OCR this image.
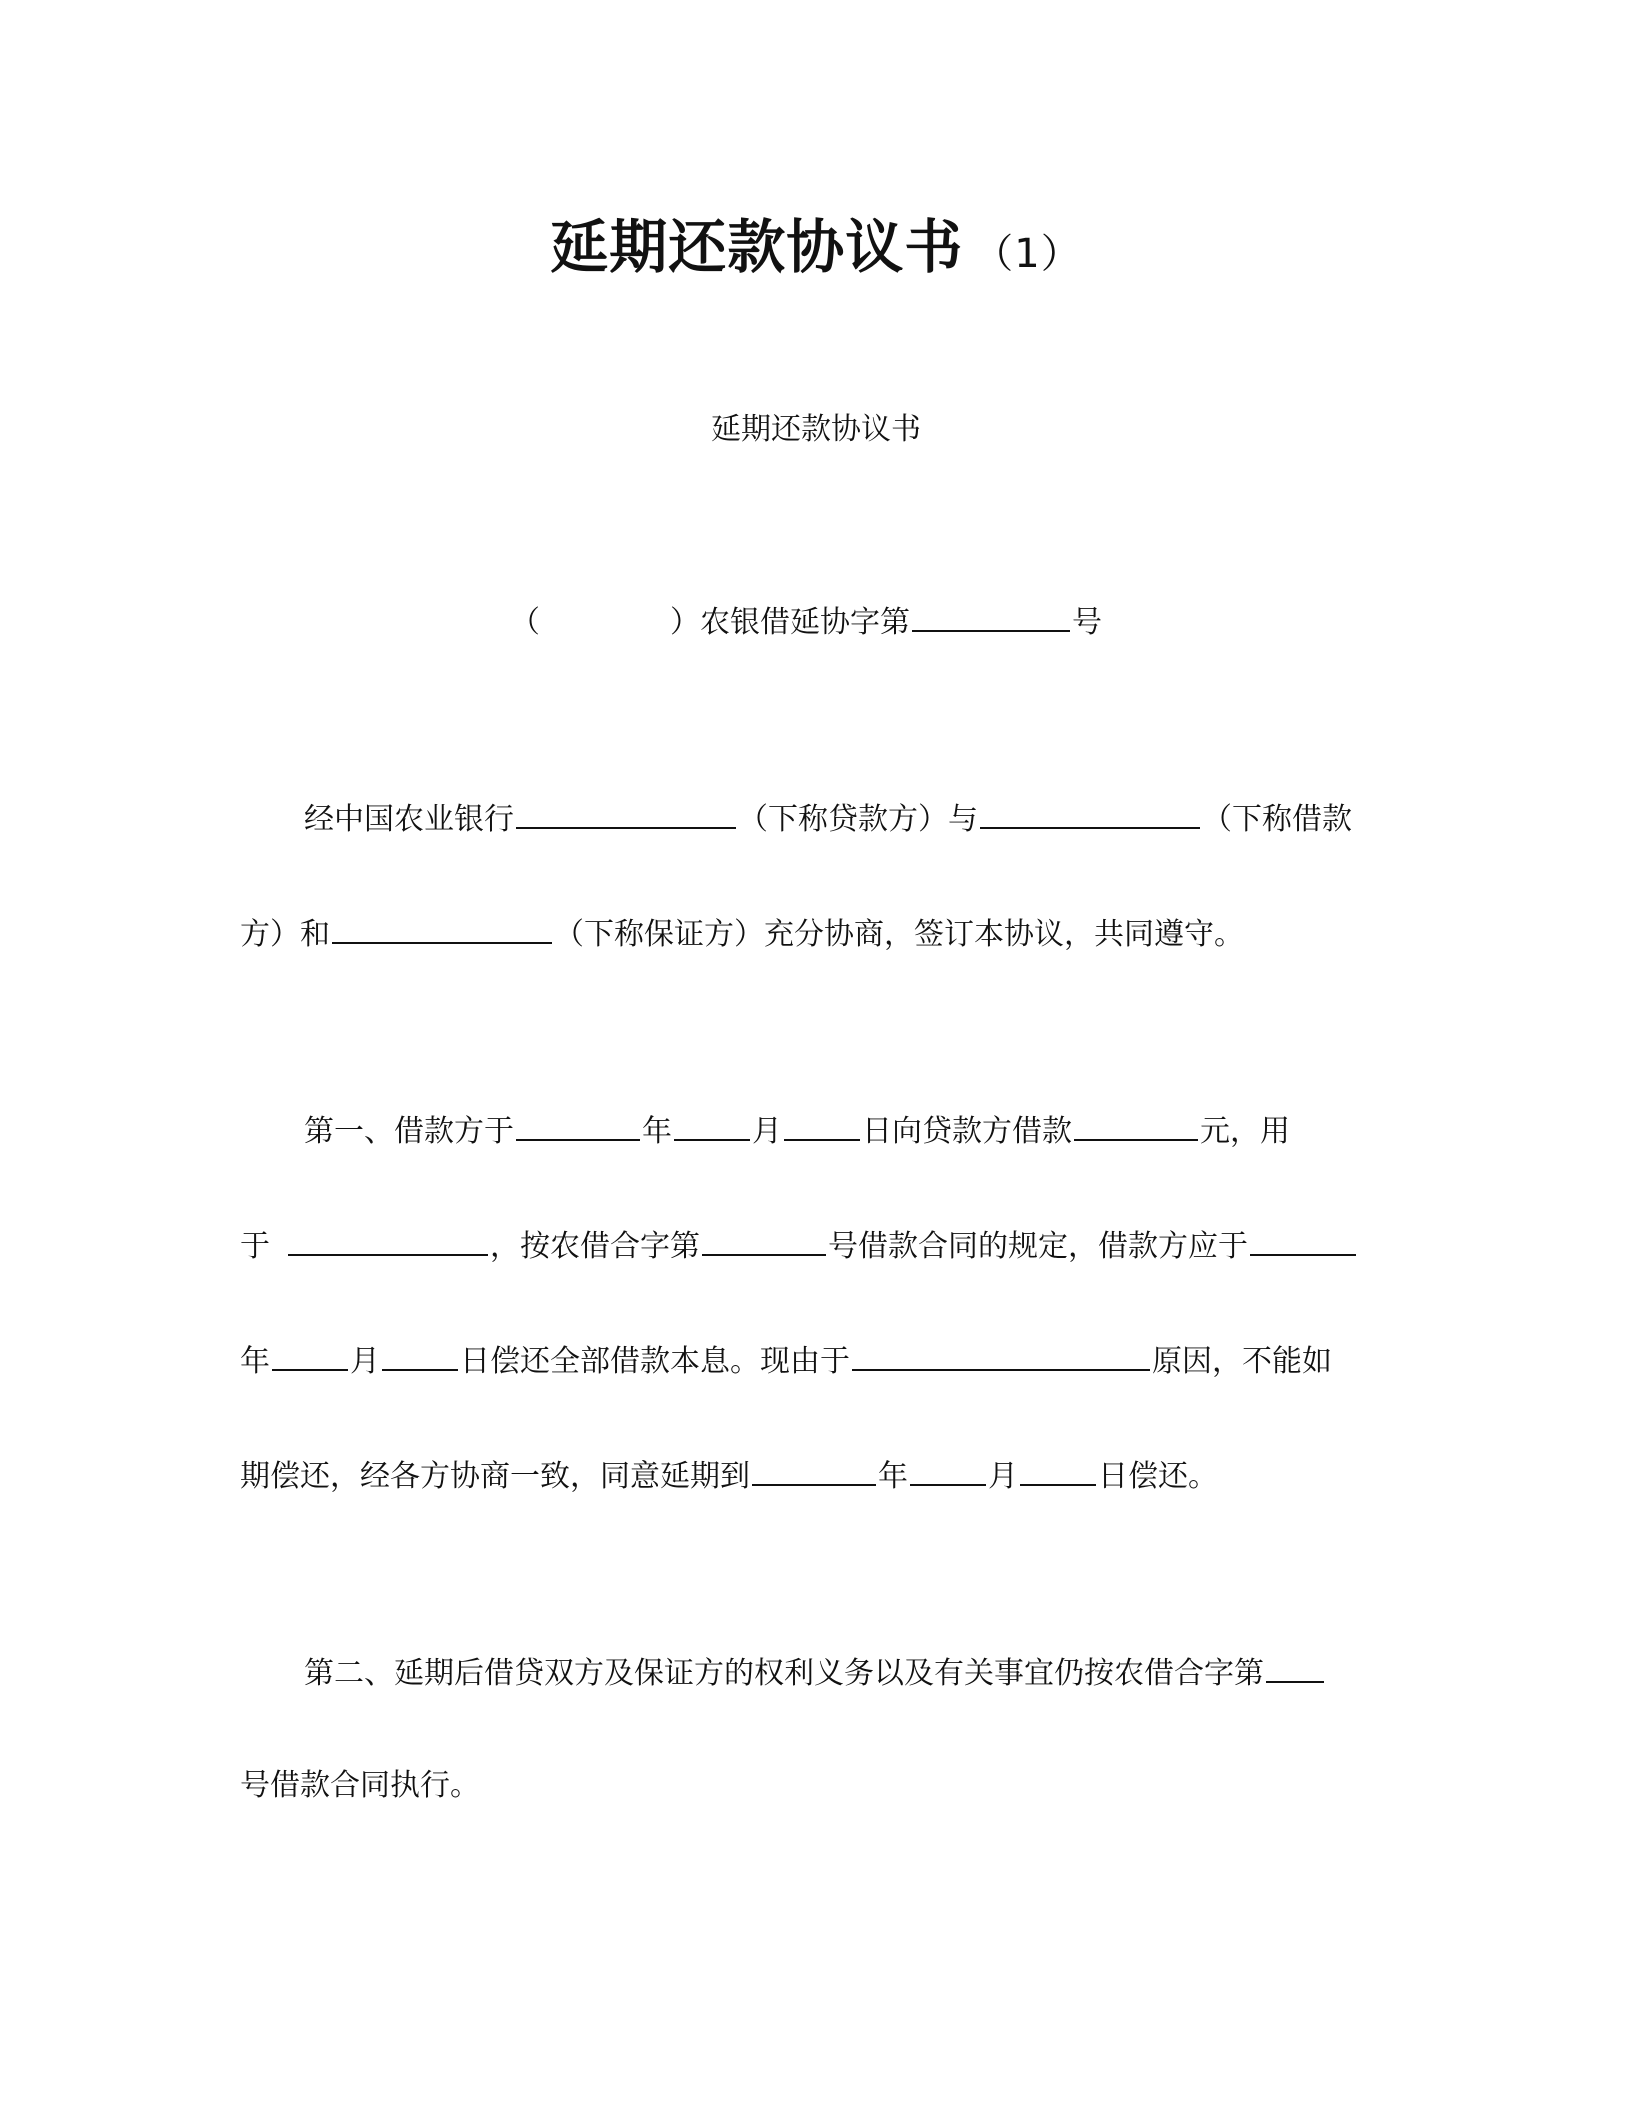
延期还款协议书 （1）
延期还款协议书
（	）农银借延协字第	号
经中国农业银行	（下称贷款方）与	（下称借款
方）和	（下称保证方）充分协商，签订本协议，共同遵守。
第一、借款方于	年	月	日向贷款方借款	元，用
于	，按农借合字第	号借款合同的规定，借款方应于
年	月	日偿还全部借款本息。现由于	原因，不能如
期偿还，经各方协商一致，同意延期到	年	月	日偿还。
第二、延期后借贷双方及保证方的权利义务以及有关事宜仍按农借合字第
号借款合同执行。
